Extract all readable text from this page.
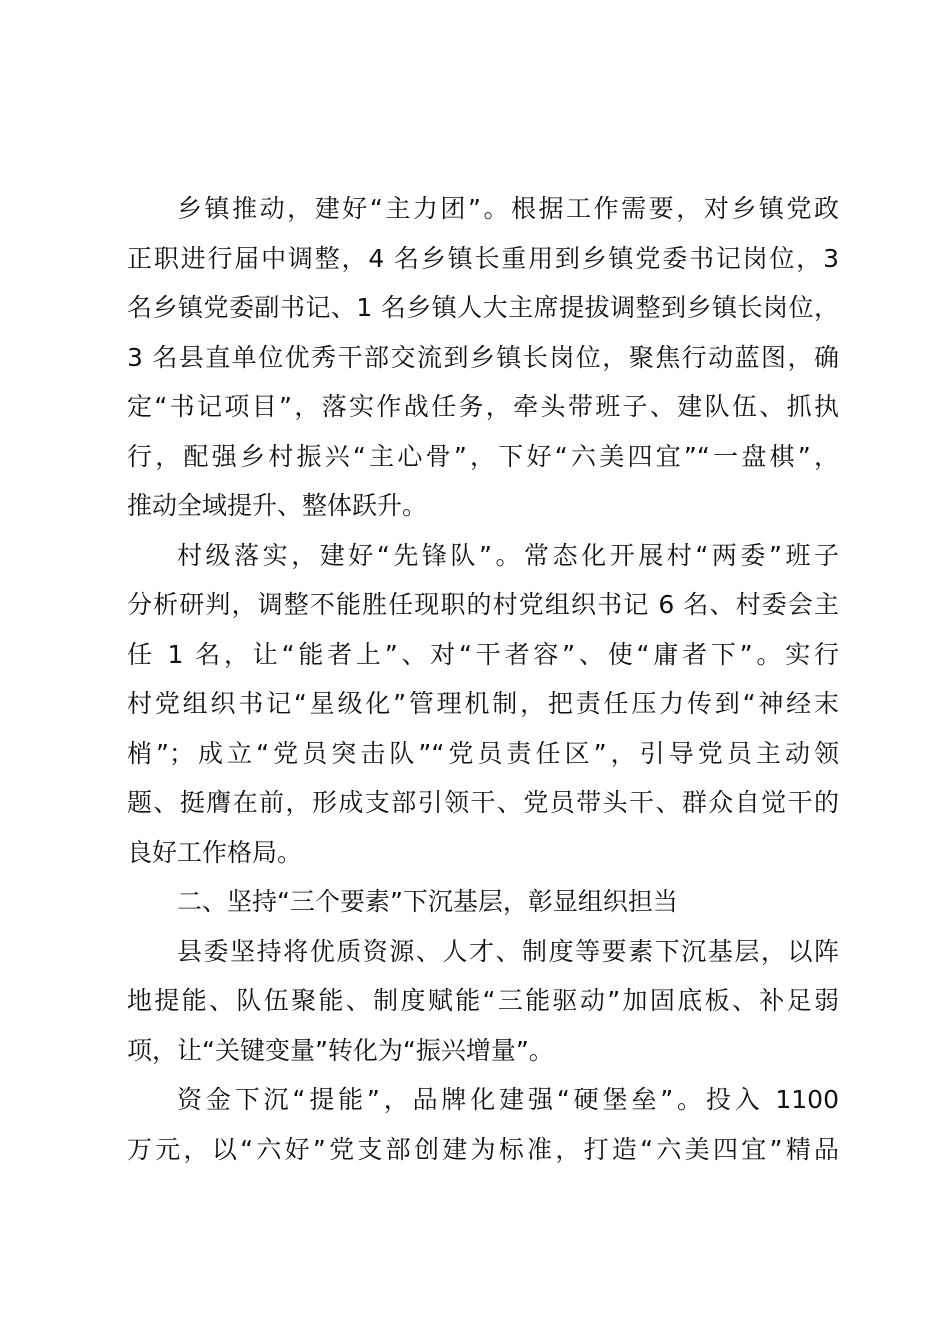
乡镇推动，建好“主力团”。根据工作需要，对乡镇党政
正职进行届中调整，4 名乡镇长重用到乡镇党委书记岗位，3
名乡镇党委副书记、1 名乡镇人大主席提拔调整到乡镇长岗位，
3 名县直单位优秀干部交流到乡镇长岗位，聚焦行动蓝图，确
定“书记项目”，落实作战任务，牵头带班子、建队伍、抓执
行，配强乡村振兴“主心骨”，下好“六美四宜”“一盘棋”，
推动全域提升、整体跃升。
村级落实，建好“先锋队”。常态化开展村“两委”班子
分析研判，调整不能胜任现职的村党组织书记 6 名、村委会主
任 1 名，让“能者上”、对“干者容”、使“庸者下”。实行
村党组织书记“星级化”管理机制，把责任压力传到“神经末
梢”；成立“党员突击队”“党员责任区”，引导党员主动领
题、挺膺在前，形成支部引领干、党员带头干、群众自觉干的
良好工作格局。
二、坚持“三个要素”下沉基层，彰显组织担当
县委坚持将优质资源、人才、制度等要素下沉基层，以阵
地提能、队伍聚能、制度赋能“三能驱动”加固底板、补足弱
项，让“关键变量”转化为“振兴增量”。
资金下沉“提能”，品牌化建强“硬堡垒”。投入 1100
万元，以“六好”党支部创建为标准，打造“六美四宜”精品
